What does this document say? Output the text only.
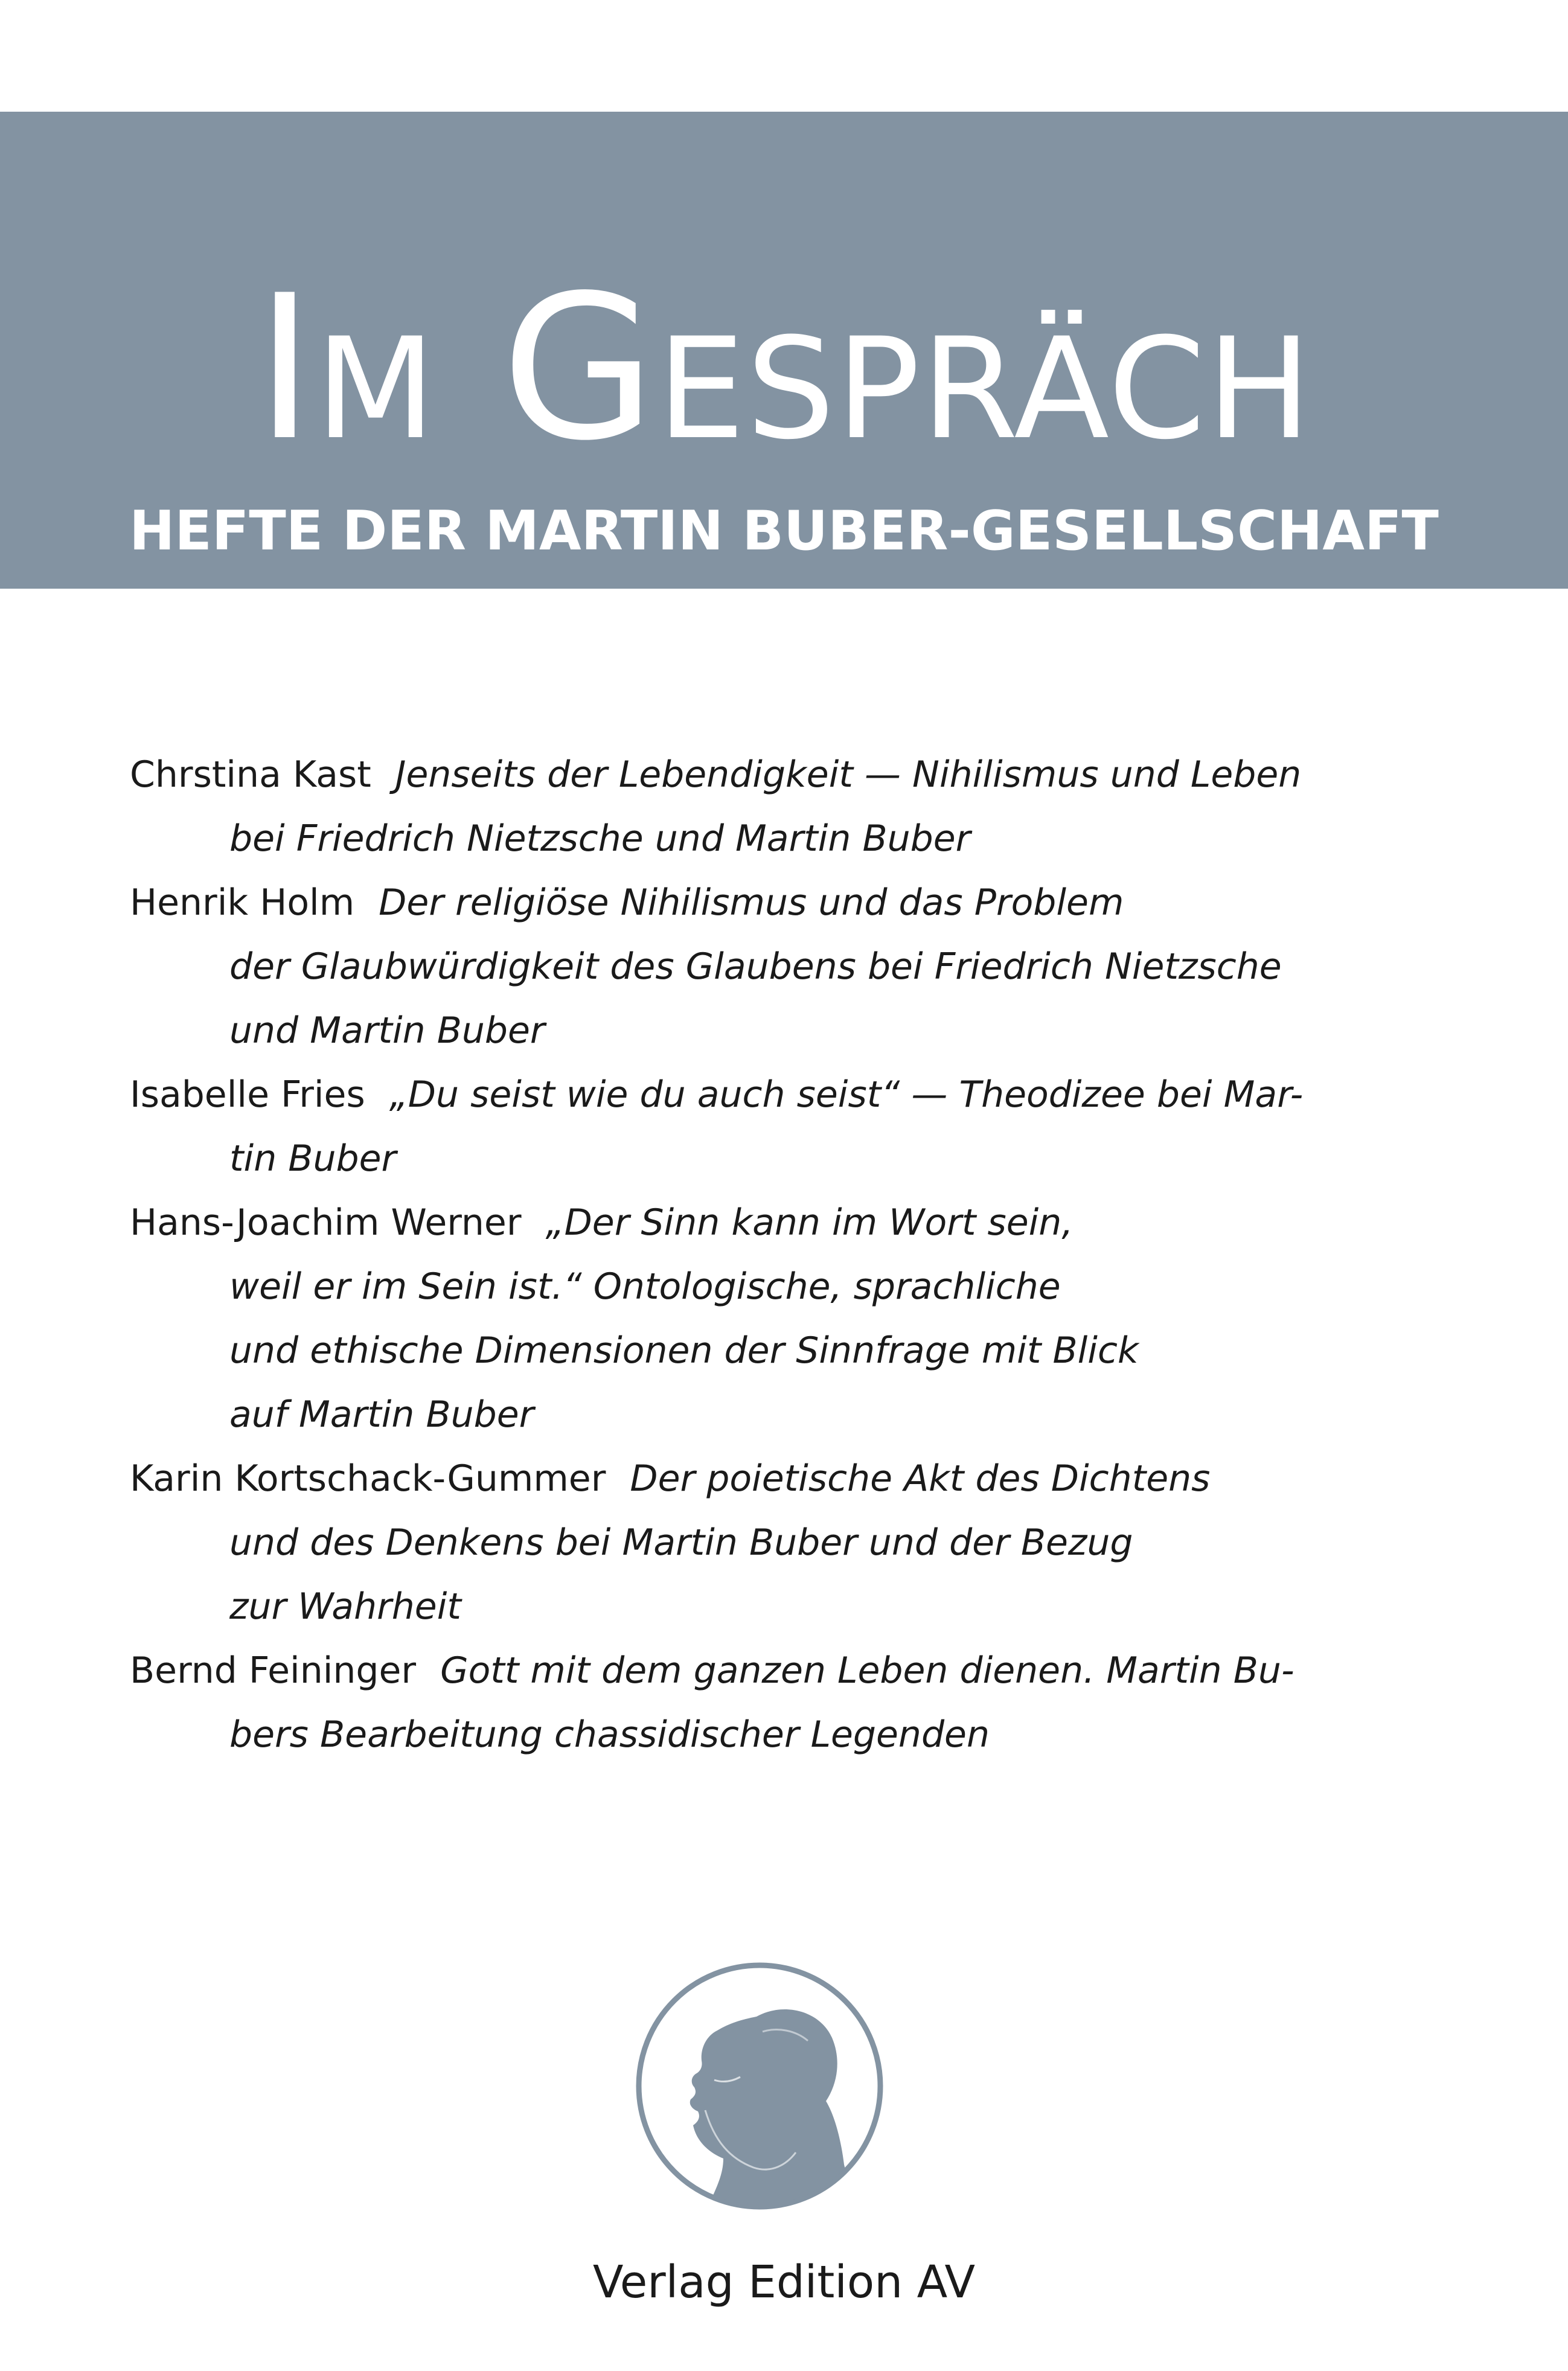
Im Gespräch
HEFTE DER MARTIN BUBER-GESELLSCHAFT
Nr. 18 • 2021
Chrstina Kast Jenseits der Lebendigkeit — Nihilismus und Leben
bei Friedrich Nietzsche und Martin Buber
Henrik Holm Der religiöse Nihilismus und das Problem
der Glaubwürdigkeit des Glaubens bei Friedrich Nietzsche
und Martin Buber
Isabelle Fries „Du seist wie du auch seist“ — Theodizee bei Mar-
tin Buber
Hans-Joachim Werner „Der Sinn kann im Wort sein,
weil er im Sein ist.“ Ontologische, sprachliche
und ethische Dimensionen der Sinnfrage mit Blick
auf Martin Buber
Karin Kortschack-Gummer Der poietische Akt des Dichtens
und des Denkens bei Martin Buber und der Bezug
zur Wahrheit
Bernd Feininger Gott mit dem ganzen Leben dienen. Martin Bu-
bers Bearbeitung chassidischer Legenden
Verlag Edition AV
